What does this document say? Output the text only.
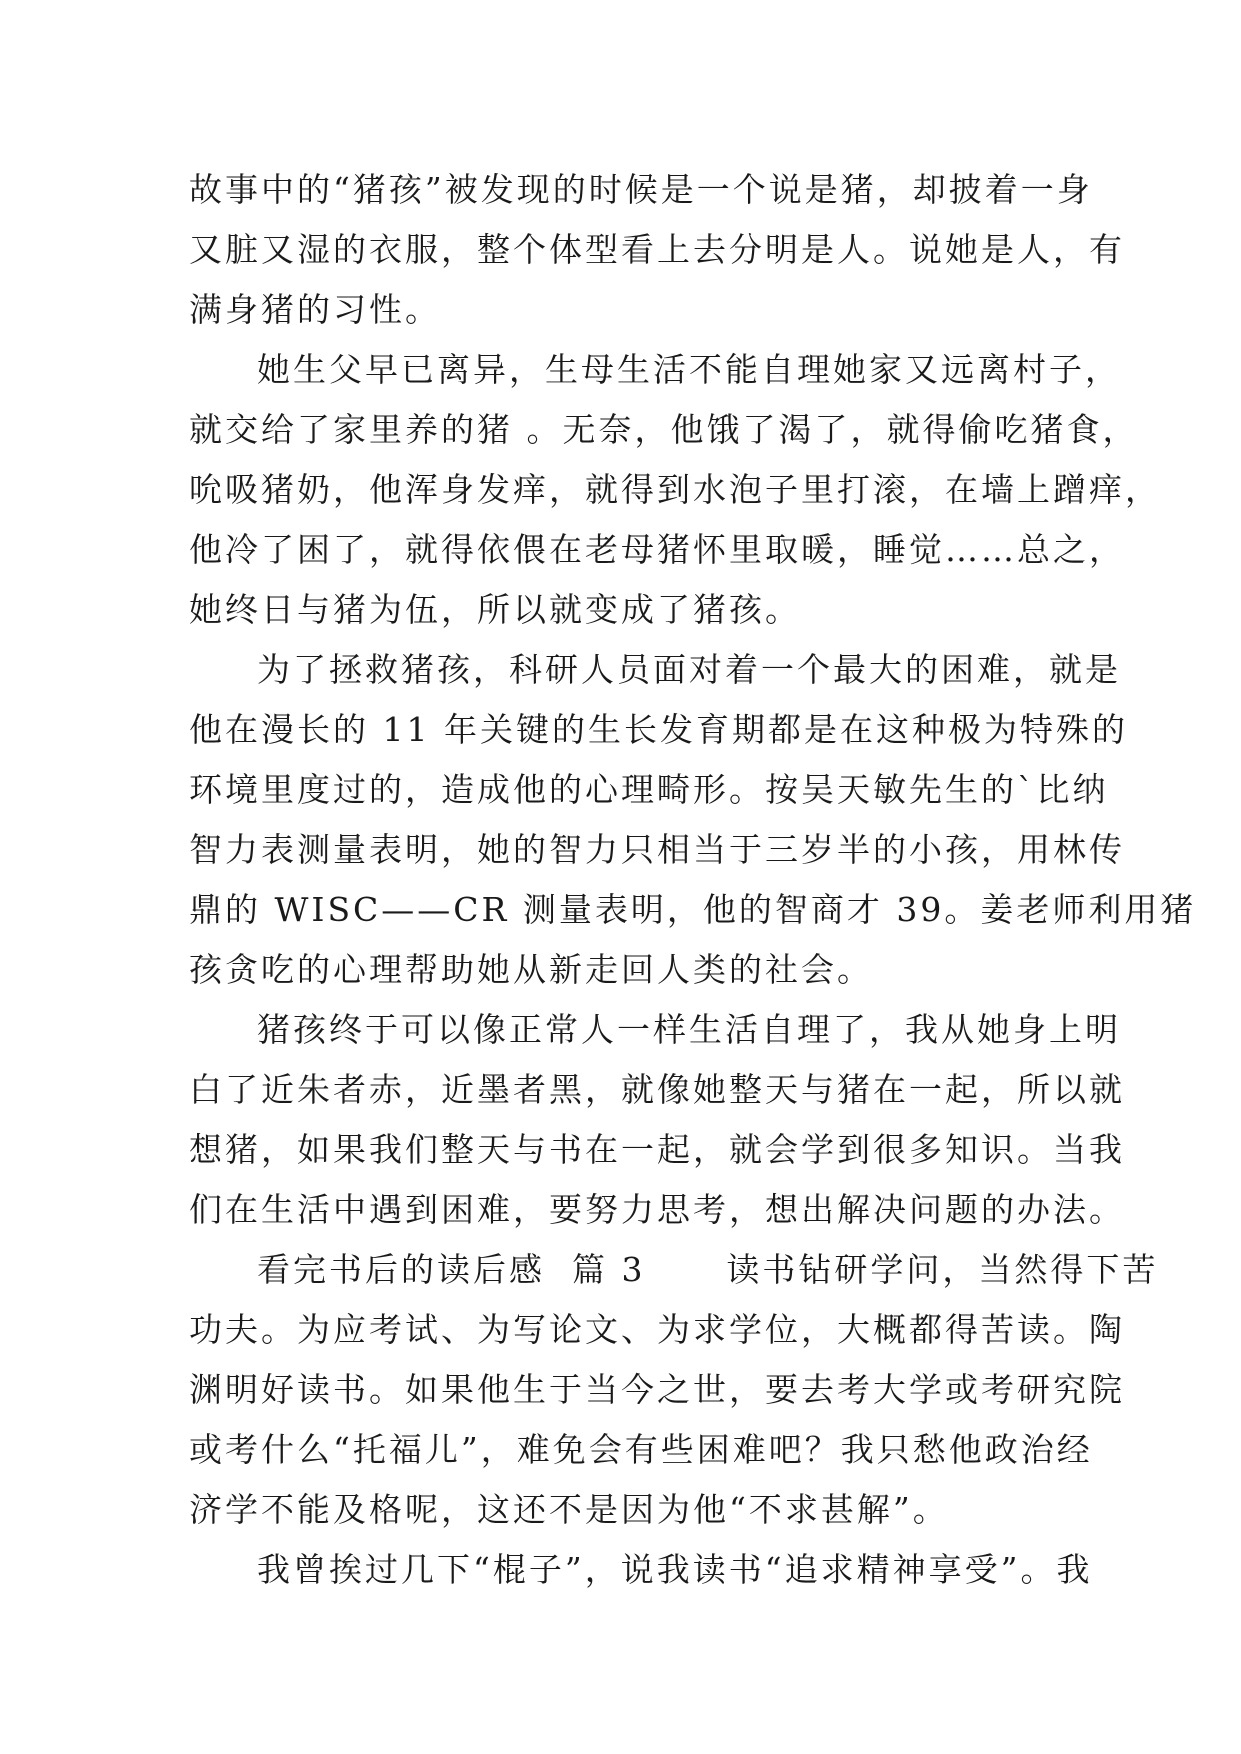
故事中的“猪孩”被发现的时候是一个说是猪，却披着一身
又脏又湿的衣服，整个体型看上去分明是人。说她是人，有
满身猪的习性。
她生父早已离异，生母生活不能自理她家又远离村子，
就交给了家里养的猪 。无奈，他饿了渴了，就得偷吃猪食，
吮吸猪奶，他浑身发痒，就得到水泡子里打滚，在墙上蹭痒，
他冷了困了，就得依偎在老母猪怀里取暖，睡觉……总之，
她终日与猪为伍，所以就变成了猪孩。
为了拯救猪孩，科研人员面对着一个最大的困难，就是
他在漫长的 11 年关键的生长发育期都是在这种极为特殊的
环境里度过的，造成他的心理畸形。按吴天敏先生的`比纳
智力表测量表明，她的智力只相当于三岁半的小孩，用林传
鼎的 WISC——CR 测量表明，他的智商才 39。姜老师利用猪
孩贪吃的心理帮助她从新走回人类的社会。
猪孩终于可以像正常人一样生活自理了，我从她身上明
白了近朱者赤，近墨者黑，就像她整天与猪在一起，所以就
想猪，如果我们整天与书在一起，就会学到很多知识。当我
们在生活中遇到困难，要努力思考，想出解决问题的办法。
看完书后的读后感  篇 3      读书钻研学问，当然得下苦
功夫。为应考试、为写论文、为求学位，大概都得苦读。陶
渊明好读书。如果他生于当今之世，要去考大学或考研究院
或考什么“托福儿”，难免会有些困难吧？我只愁他政治经
济学不能及格呢，这还不是因为他“不求甚解”。
我曾挨过几下“棍子”，说我读书“追求精神享受”。我
